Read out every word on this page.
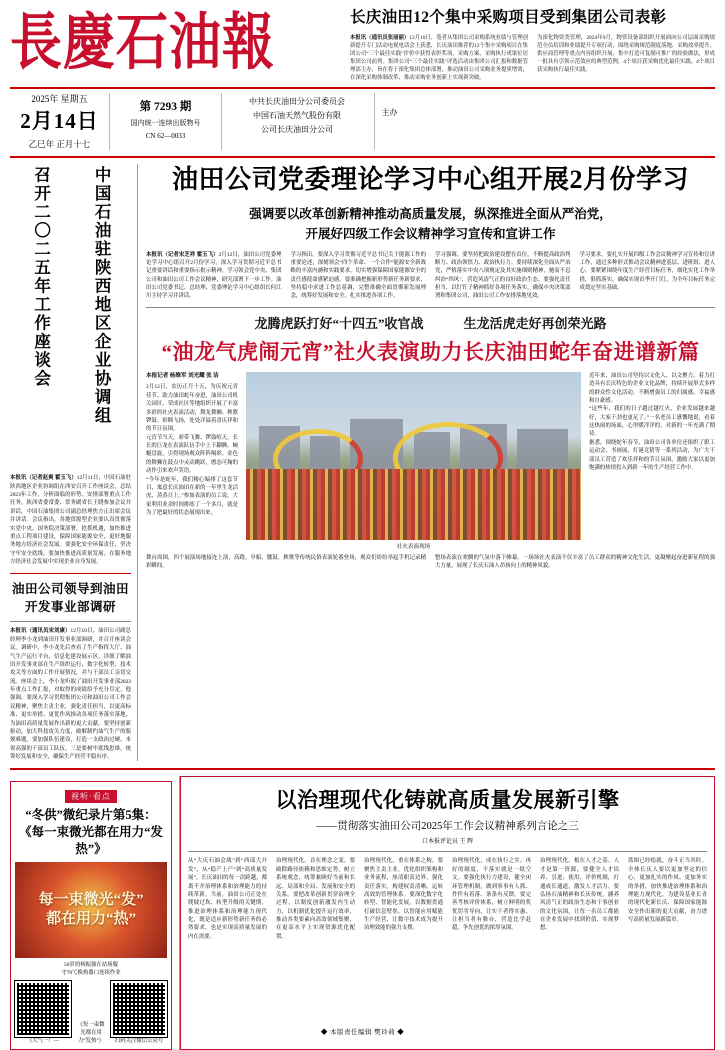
長慶石油報	长庆油田12个集中采购项目受到集团公司表彰
本报讯（通讯员张丽丽）12月10日，笔者从集团公司采购系统业绩与管理创新提升专门活动电视电话会上获悉，长庆油田推荐的12个集中采购项目在集团公司“三个最佳实践”评价中获得表彰奖项，采购方案、采购执行成果位居集团公司前列。集团公司“三个最佳实践”评选活动由集团公司汇报和数据管理部主办，旨在将于深化集团总体部署，推动油田公司采购业务提质增效，在深化采购体制改革、推动采购业务创新上实现新突破。
为深化物资类管理，2024年9月，物资设备部组织开展面向公司层面采购规范全员培训和业绩提升专项行动，围绕采购规范制度落地、采购效率提升、供应商管理等重点内容组织开展，集中打造可复制可推广的经验做法，形成一批具有引领示范效应的典型范例，4个项目获采购优化最佳实践、4个项目获采购执行最佳实践。
2025年 星期五
2月14日
乙巳年 正月十七
第 7293 期
国内统一连续出版物号
CN 62—0033
中共长庆油田分公司委员会
中国石油天然气股份有限
公司长庆油田分公司
主办
召开二〇二五年工作座谈会	中国石油驻陕西地区企业协调组
本报讯（记者赵爽 霍玉飞）12月11日，中国石油驻陕西地区企业协调组在西安召开工作座谈会，总结2023年工作，分析面临的形势，安排部署重点工作任务。陕西省委常委、常务副省长王晓参加会议并讲话，中国石油集团公司副总经理焦方正出席会议并讲话。会议指出，各地资源型企业要认真贯彻落实党中央、国务院决策部署，抢抓机遇，加快推进重点工程项目建设，保障国家能源安全，更好地服务地方经济社会发展。要强化安全环保责任，坚决守牢安全底线。要加快推进高质量发展，在服务地方经济社会发展中实现企业自身发展。
油田公司领导到油田开发事业部调研
本报讯（通讯员宋刘康）12月10日，油田公司副总经理李小龙到油田开发事业部调研，并召开座谈会议。调研中，李小龙先后查看了生产指挥大厅、油气生产运行平台、信息化建设展示区，详细了解油田开发事业部在生产组织运行、数字化转型、技术攻关等方面的工作开展情况，并与干部员工亲切交流。座谈会上，李小龙听取了油田开发事业部2023年重点工作汇报，对取得的成绩给予充分肯定。他强调，要深入学习贯彻集团公司和油田公司工作会议精神，聚焦主责主业，强化责任担当，以更高标准、更实举措、更优作风推动各项任务落实落地，为油田高质量发展作出新的更大贡献。要坚持创新驱动，加大科技攻关力度，破解制约油气生产的瓶颈难题。要加强队伍建设，打造一支政治过硬、本领高强的干部员工队伍。三是要树牢底线思维，统筹好发展和安全，确保生产经营平稳有序。
油田公司党委理论学习中心组开展2月份学习
强调要以改革创新精神推动高质量发展，纵深推进全面从严治党，
开展好四级工作会议精神学习宣传和宣讲工作
本报讯（记者宋芝祥 霍玉飞）2月12日，油田公司党委理论学习中心组召开2月份学习，深入学习贯彻习近平总书记重要讲话和重要指示批示精神，学习领会党中央、集团公司和油田公司工作会议精神，研究部署下一步工作。油田公司党委书记、总经理、党委理论学习中心组组长何江川主持学习并讲话。
学习指出，要深入学习贯彻习近平总书记关于能源工作的重要论述，深刻领会“四个革命、一个合作”能源安全新战略的丰富内涵和实践要求，切实增强保障国家能源安全的责任感使命感紧迫感。要准确把握新形势新任务新要求，坚持稳中求进工作总基调，完整准确全面贯彻新发展理念，统筹好发展和安全，扎实推进各项工作。
学习强调，要坚持把政治建设摆在首位，不断提高政治判断力、政治领悟力、政治执行力。要持续深化全面从严治党，严格落实中央八项规定及其实施细则精神，驰而不息纠治“四风”，营造风清气正的良好政治生态。要强化责任担当，以钉钉子精神抓好各项任务落实，确保中央决策部署和集团公司、油田公司工作安排落地见效。
学习要求，要扎实开展四级工作会议精神学习宣传和宣讲工作，通过多种形式推动会议精神进基层、进班组、进人心。要紧紧围绕年度生产经营目标任务，细化实化工作举措，狠抓落实，确保实现首季开门红，为全年目标任务完成奠定坚实基础。
龙腾虎跃打好“十四五”收官战	生龙活虎走好再创荣光路
“油龙气虎闹元宵”社火表演助力长庆油田蛇年奋进谱新篇
本报记者 杨维军 刘光耀 张 洁
2月12日，农历正月十五，为庆祝元宵佳节、助力油田蛇年奋进，油田公司机关园区、荣成社区等地组织开展了丰富多彩的社火表演活动，舞龙舞狮、秧歌锣鼓、彩绸飞扬，处处洋溢着喜庆祥和的节日氛围。
元宵节当天，彩带飞舞、锣鼓喧天，长长的巨龙在表演队伍手中上下翻腾、蜿蜒盘旋，引得现场观众阵阵喝彩。金色的舞狮在鼓点中灵动跳跃，憨态可掬的动作引来欢声笑语。
“今年是蛇年，我们精心编排了这套节目，寓意长庆油田在新的一年里生龙活虎、蒸蒸日上。”参加表演的员工说，大家利用业余时间排练了一个多月，就是为了把最好的状态展现出来。
社火表演现场
近年来，油田公司坚持以文化人、以文聚力，着力打造具有长庆特色的企业文化品牌，持续开展形式多样的群众性文化活动，不断增强员工的归属感、幸福感和自豪感。
“这些年，我们的日子越过越红火，企业发展越来越好，大家干劲也更足了。”一名老员工感慨地说，看着这热闹的场面，心里暖洋洋的，对新的一年充满了期待。
据悉，围绕蛇年春节，油田公司各单位还组织了职工运动会、书画展、灯谜竞猜等一系列活动，为广大干部员工营造了欢乐祥和的节日氛围，激励大家以更加饱满的热情投入到新一年的生产经营工作中。
舞台周围，四个展演场地接连上演，高跷、旱船、腰鼓、秧歌等传统民俗表演轮番登场，观众们纷纷举起手机记录精彩瞬间。
整场表演在欢腾的气氛中落下帷幕。一场场社火表演不仅丰富了员工群众的精神文化生活，更凝聚起奋进新征程的强大力量，展现了长庆石油人昂扬向上的精神风貌。
视听·看点
“冬供”微纪录片第5集：
《每一束微光都在用力“发热”》
每一束微光“发”
都在用力“热”
50岁的杨振强在站场服
守70℃换热器口连续作业
《大气一厂—
《每一束微光都在用力“发热”》	扫码关注微信公众号
以治理现代化铸就高质量发展新引擎
——贯彻落实油田公司2025年工作会议精神系列言论之三
口本报评论员 王 辉
从“大庆石油会战”到“西部大开发”，从“稳产上产”到“高质量发展”，长庆油田的每一次跨越，都离不开治理体系和治理能力的持续革新。当前，油田公司正处在爬坡过坎、转型升级的关键期，推进治理体系和治理能力现代化，既是适应新形势新任务的必然要求，也是实现高质量发展的内在需要。
治理现代化，首在理念之变。要破除路径依赖和思维定势，树立系统观念，统筹兼顾好当前和长远、局部和全局、发展和安全的关系。要把改革创新贯穿治理全过程，以制度创新激发内生动力，以机制优化提升运行效率，推动各类要素向高效领域集聚，在更高水平上实现资源优化配置。
治理现代化，重在体系之构。要聚焦主责主业，优化组织架构和业务流程，厘清职责边界，强化责任落实，构建权责清晰、运转高效的管理体系。要深化数字化转型、智能化发展，以数据贯通打破信息壁垒，以智能应用赋能生产经营，让数字技术成为提升治理效能的强力支撑。
治理现代化，成在执行之实。再好的制度，不落实就是一纸空文。要强化执行力建设，健全闭环管理机制，做到事事有人抓、件件有着落、条条有反馈。要完善考核评价体系，树立鲜明的奖优罚劣导向，让实干者得实惠、让担当者有舞台，营造比学赶超、争先创优的浓厚氛围。
治理现代化，根在人才之基。人才是第一资源，要健全人才培养、引进、使用、评价机制，打通成长通道，激发人才活力。要弘扬石油精神和长庆传统，涵养风清气正的政治生态和干事创业的文化氛围，让每一名员工都能在企业发展中找到价值、实现梦想。
蓝图已经绘就，奋斗正当其时。全体长庆人要以更加坚定的信心、更加扎实的作风、更加务实的举措，加快推进治理体系和治理能力现代化，为建设基业长青的现代化新长庆、保障国家能源安全作出新的更大贡献，奋力谱写高质量发展新篇章。
◆ 本版责任编辑 樊玲莉 ◆
